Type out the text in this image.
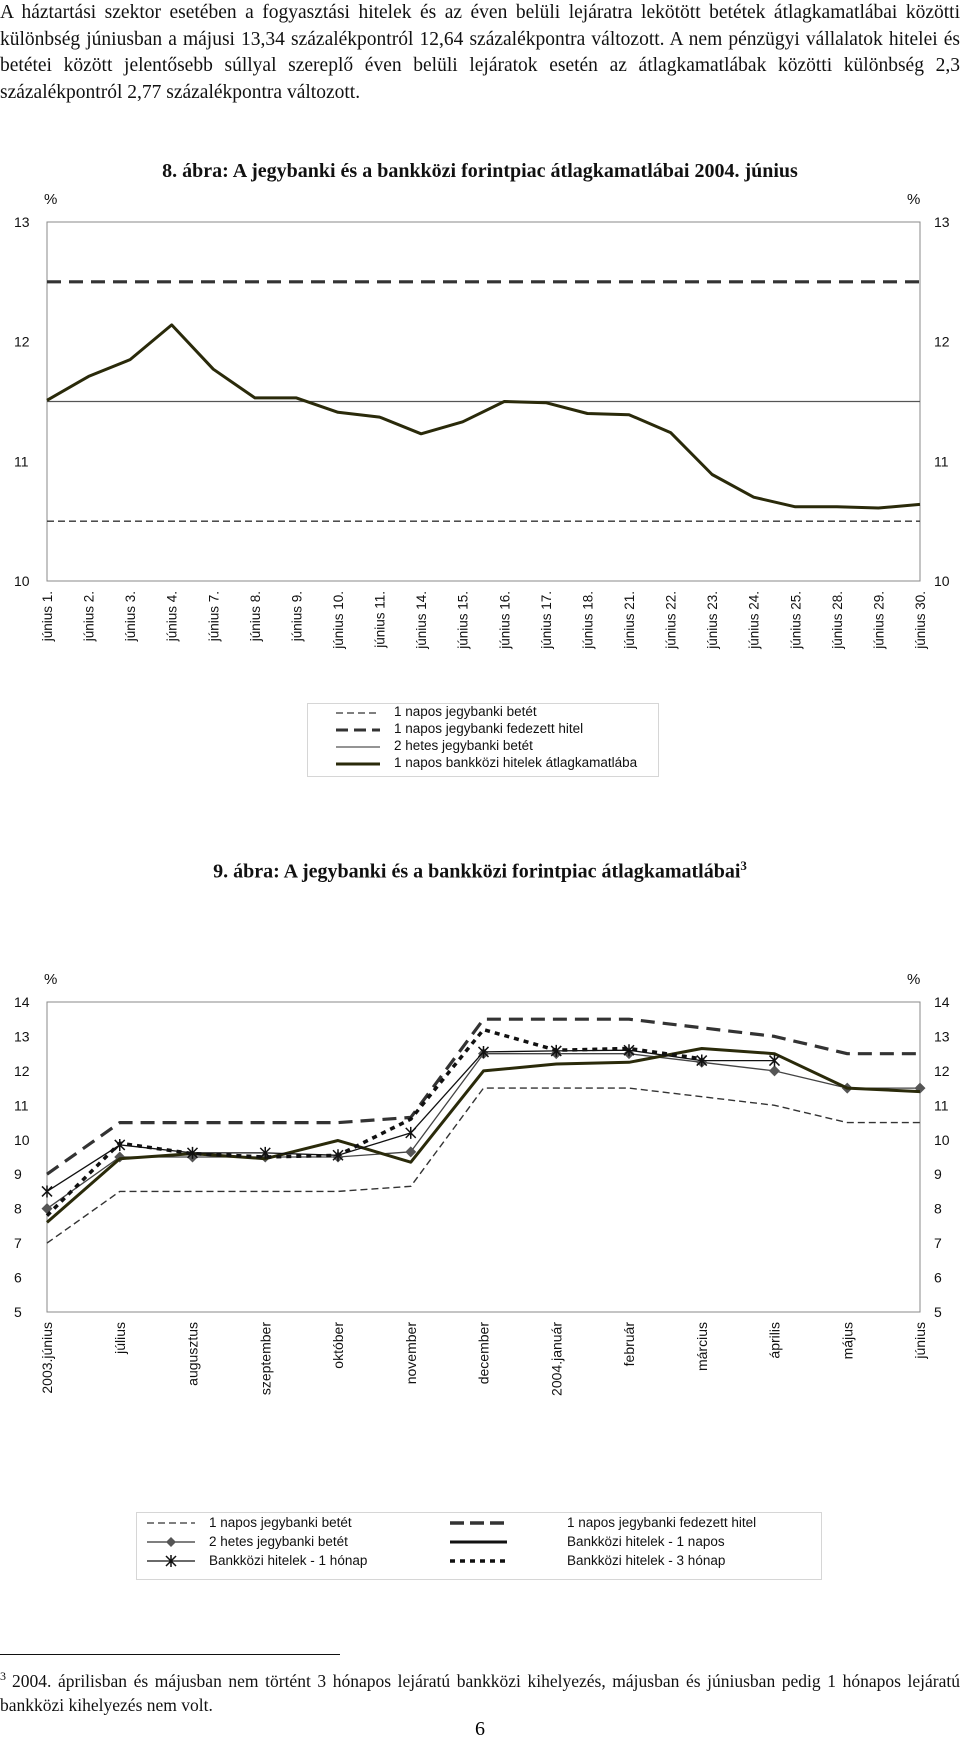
A háztartási szektor esetében a fogyasztási hitelek és az éven belüli lejáratra lekötött betétek átlagkamatlábai közötti különbség júniusban a májusi 13,34 százalékpontról 12,64 százalékpontra változott. A nem pénzügyi vállalatok hitelei és betétei között jelentősebb súllyal szereplő éven belüli lejáratok esetén az átlagkamatlábak közötti különbség 2,3 százalékpontról 2,77 százalékpontra változott.
8. ábra: A jegybanki és a bankközi forintpiac átlagkamatlábai 2004. június
%	%
10	10
11	11
12	12
13	13
június 1. június 2. június 3. június 4. június 7. június 8. június 9. június 10. június 11. június 14. június 15. június 16. június 17. június 18. június 21. június 22. június 23. június 24. június 25. június 28. június 29. június 30.
1 napos jegybanki betét
1 napos jegybanki fedezett hitel
2 hetes jegybanki betét
1 napos bankközi hitelek átlagkamatlába
9. ábra: A jegybanki és a bankközi forintpiac átlagkamatlábai$^3$
%	%
5	5
6	6
7	7
8	8
9	9
10	10
11	11
12	12
13	13
14	14
2003.június	július	augusztus	szeptember	október	november	december	2004.január	február	március	április	május	június
1 napos jegybanki betét
2 hetes jegybanki betét
Bankközi hitelek - 1 hónap
1 napos jegybanki fedezett hitel
Bankközi hitelek - 1 napos
Bankközi hitelek - 3 hónap
$^3$ 2004. áprilisban és májusban nem történt 3 hónapos lejáratú bankközi kihelyezés, májusban és júniusban pedig 1 hónapos lejáratú bankközi kihelyezés nem volt.
6
